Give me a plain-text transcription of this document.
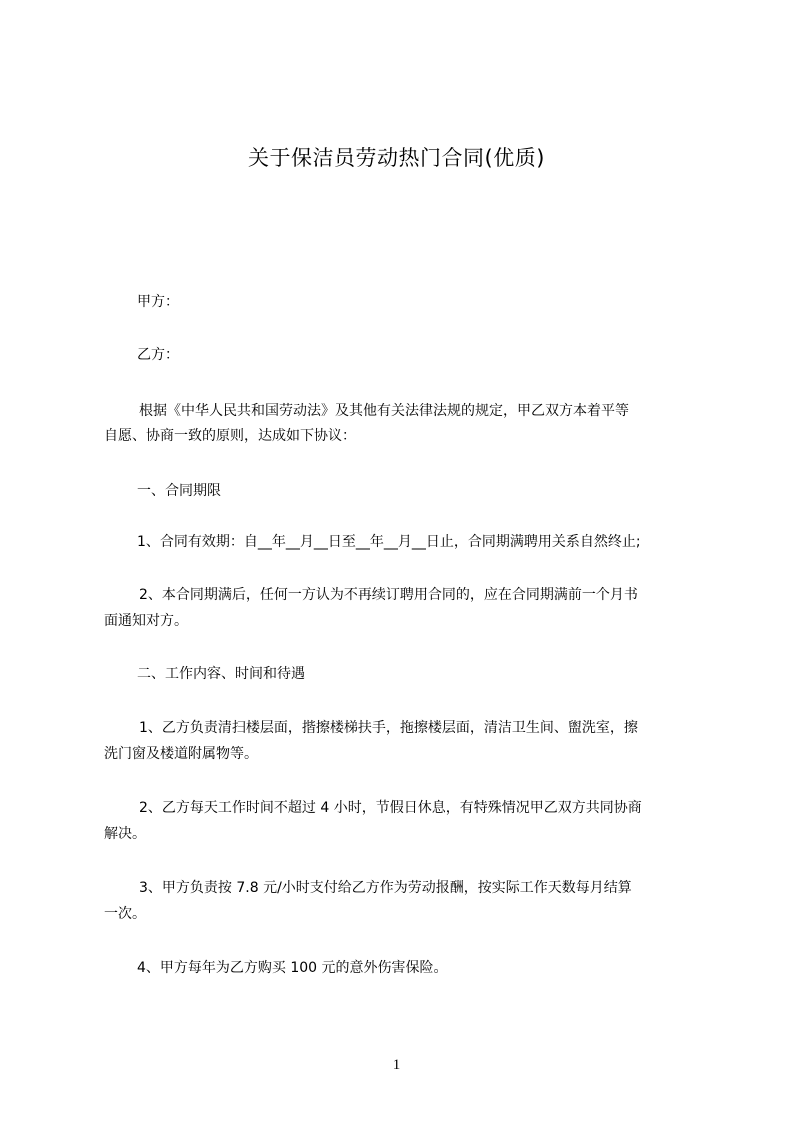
关于保洁员劳动热门合同(优质)
甲方：
乙方：
根据《中华人民共和国劳动法》及其他有关法律法规的规定，甲乙双方本着平等
自愿、协商一致的原则，达成如下协议：
一、合同期限
1、合同有效期：自__年__月__日至__年__月__日止，合同期满聘用关系自然终止;
2、本合同期满后，任何一方认为不再续订聘用合同的，应在合同期满前一个月书
面通知对方。
二、工作内容、时间和待遇
1、乙方负责清扫楼层面，揩擦楼梯扶手，拖擦楼层面，清洁卫生间、盥洗室，擦
洗门窗及楼道附属物等。
2、乙方每天工作时间不超过 4 小时，节假日休息，有特殊情况甲乙双方共同协商
解决。
3、甲方负责按 7.8 元/小时支付给乙方作为劳动报酬，按实际工作天数每月结算
一次。
4、甲方每年为乙方购买 100 元的意外伤害保险。
1
